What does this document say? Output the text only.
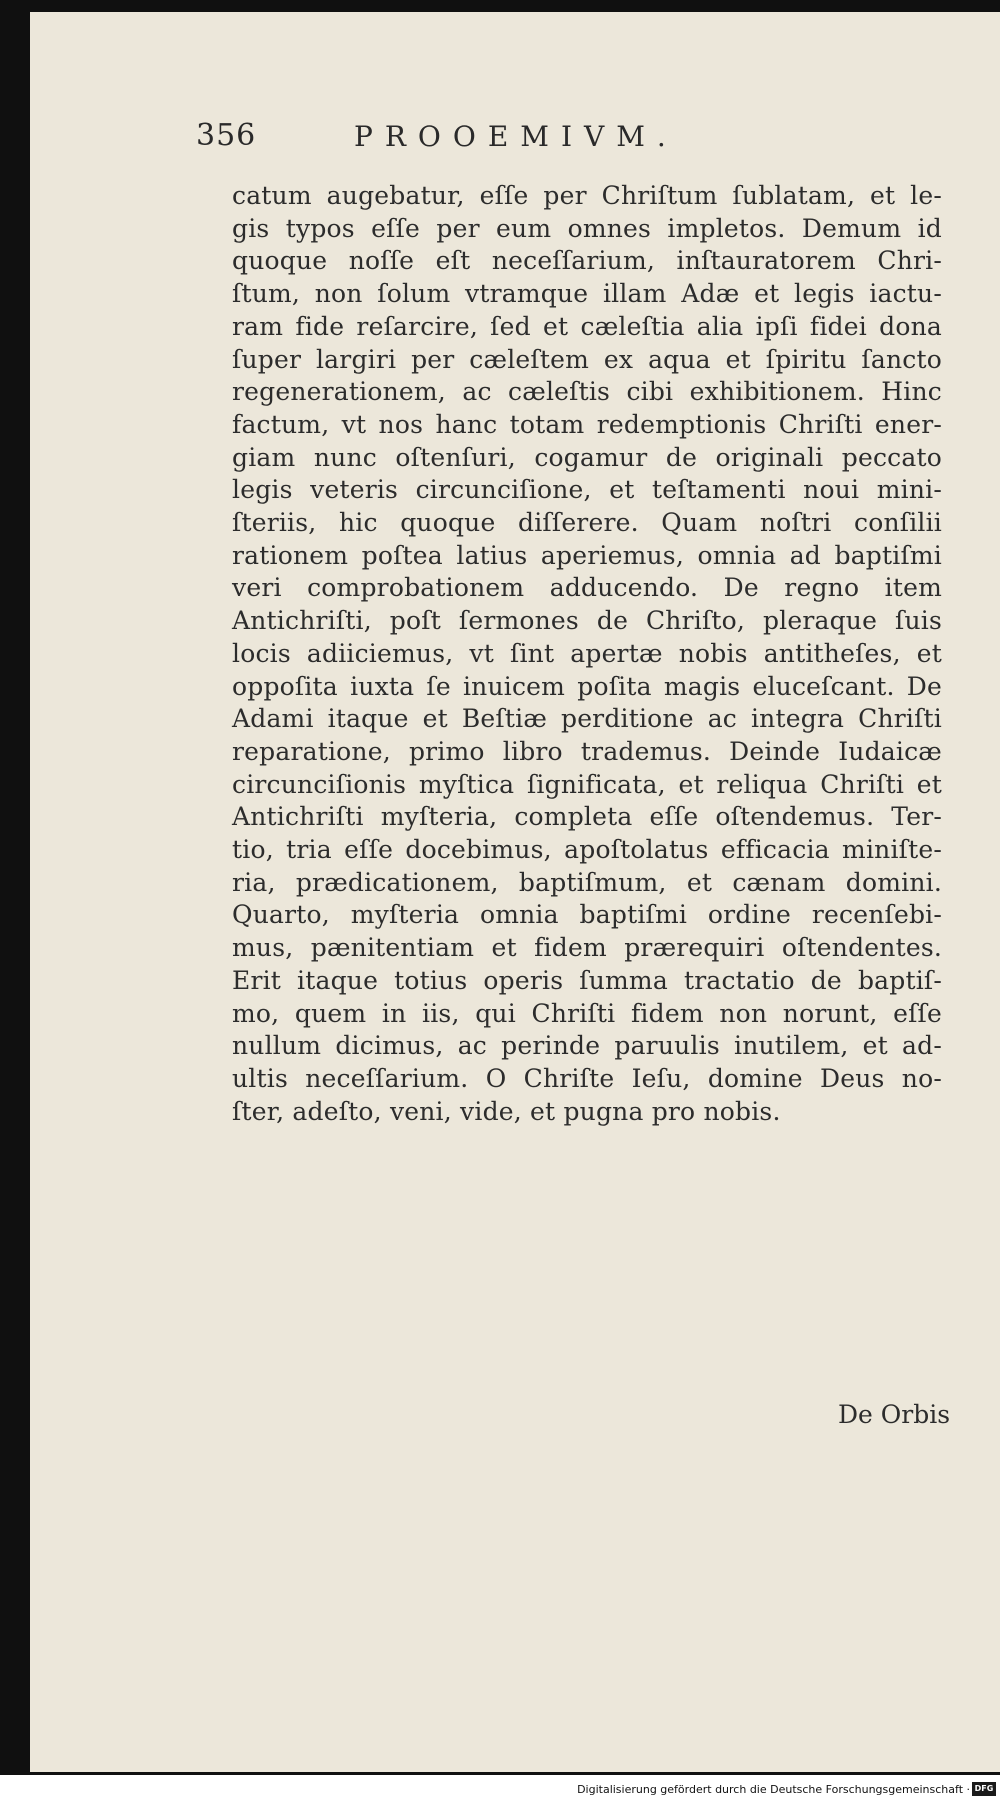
356	PROOEMIVM.
catum augebatur, eſſe per Chriſtum ſublatam, et le-
gis typos eſſe per eum omnes impletos. Demum id
quoque noſſe eſt neceſſarium, inſtauratorem Chri-
ſtum, non ſolum vtramque illam Adæ et legis iactu-
ram fide reſarcire, ſed et cæleſtia alia ipſi fidei dona
ſuper largiri per cæleſtem ex aqua et ſpiritu ſancto
regenerationem, ac cæleſtis cibi exhibitionem. Hinc
factum, vt nos hanc totam redemptionis Chriſti ener-
giam nunc oſtenſuri, cogamur de originali peccato
legis veteris circunciſione, et teſtamenti noui mini-
ſteriis, hic quoque diſſerere. Quam noſtri conſilii
rationem poſtea latius aperiemus, omnia ad baptiſmi
veri comprobationem adducendo. De regno item
Antichriſti, poſt ſermones de Chriſto, pleraque ſuis
locis adiiciemus, vt ſint apertæ nobis antitheſes, et
oppoſita iuxta ſe inuicem poſita magis eluceſcant. De
Adami itaque et Beſtiæ perditione ac integra Chriſti
reparatione, primo libro trademus. Deinde Iudaicæ
circunciſionis myſtica ſignificata, et reliqua Chriſti et
Antichriſti myſteria, completa eſſe oſtendemus. Ter-
tio, tria eſſe docebimus, apoſtolatus efficacia miniſte-
ria, prædicationem, baptiſmum, et cænam domini.
Quarto, myſteria omnia baptiſmi ordine recenſebi-
mus, pænitentiam et fidem prærequiri oſtendentes.
Erit itaque totius operis ſumma tractatio de baptiſ-
mo, quem in iis, qui Chriſti fidem non norunt, eſſe
nullum dicimus, ac perinde paruulis inutilem, et ad-
ultis neceſſarium. O Chriſte Ieſu, domine Deus no-
ſter, adeſto, veni, vide, et pugna pro nobis.
De Orbis
Digitalisierung gefördert durch die Deutsche Forschungsgemeinschaft · DFG
